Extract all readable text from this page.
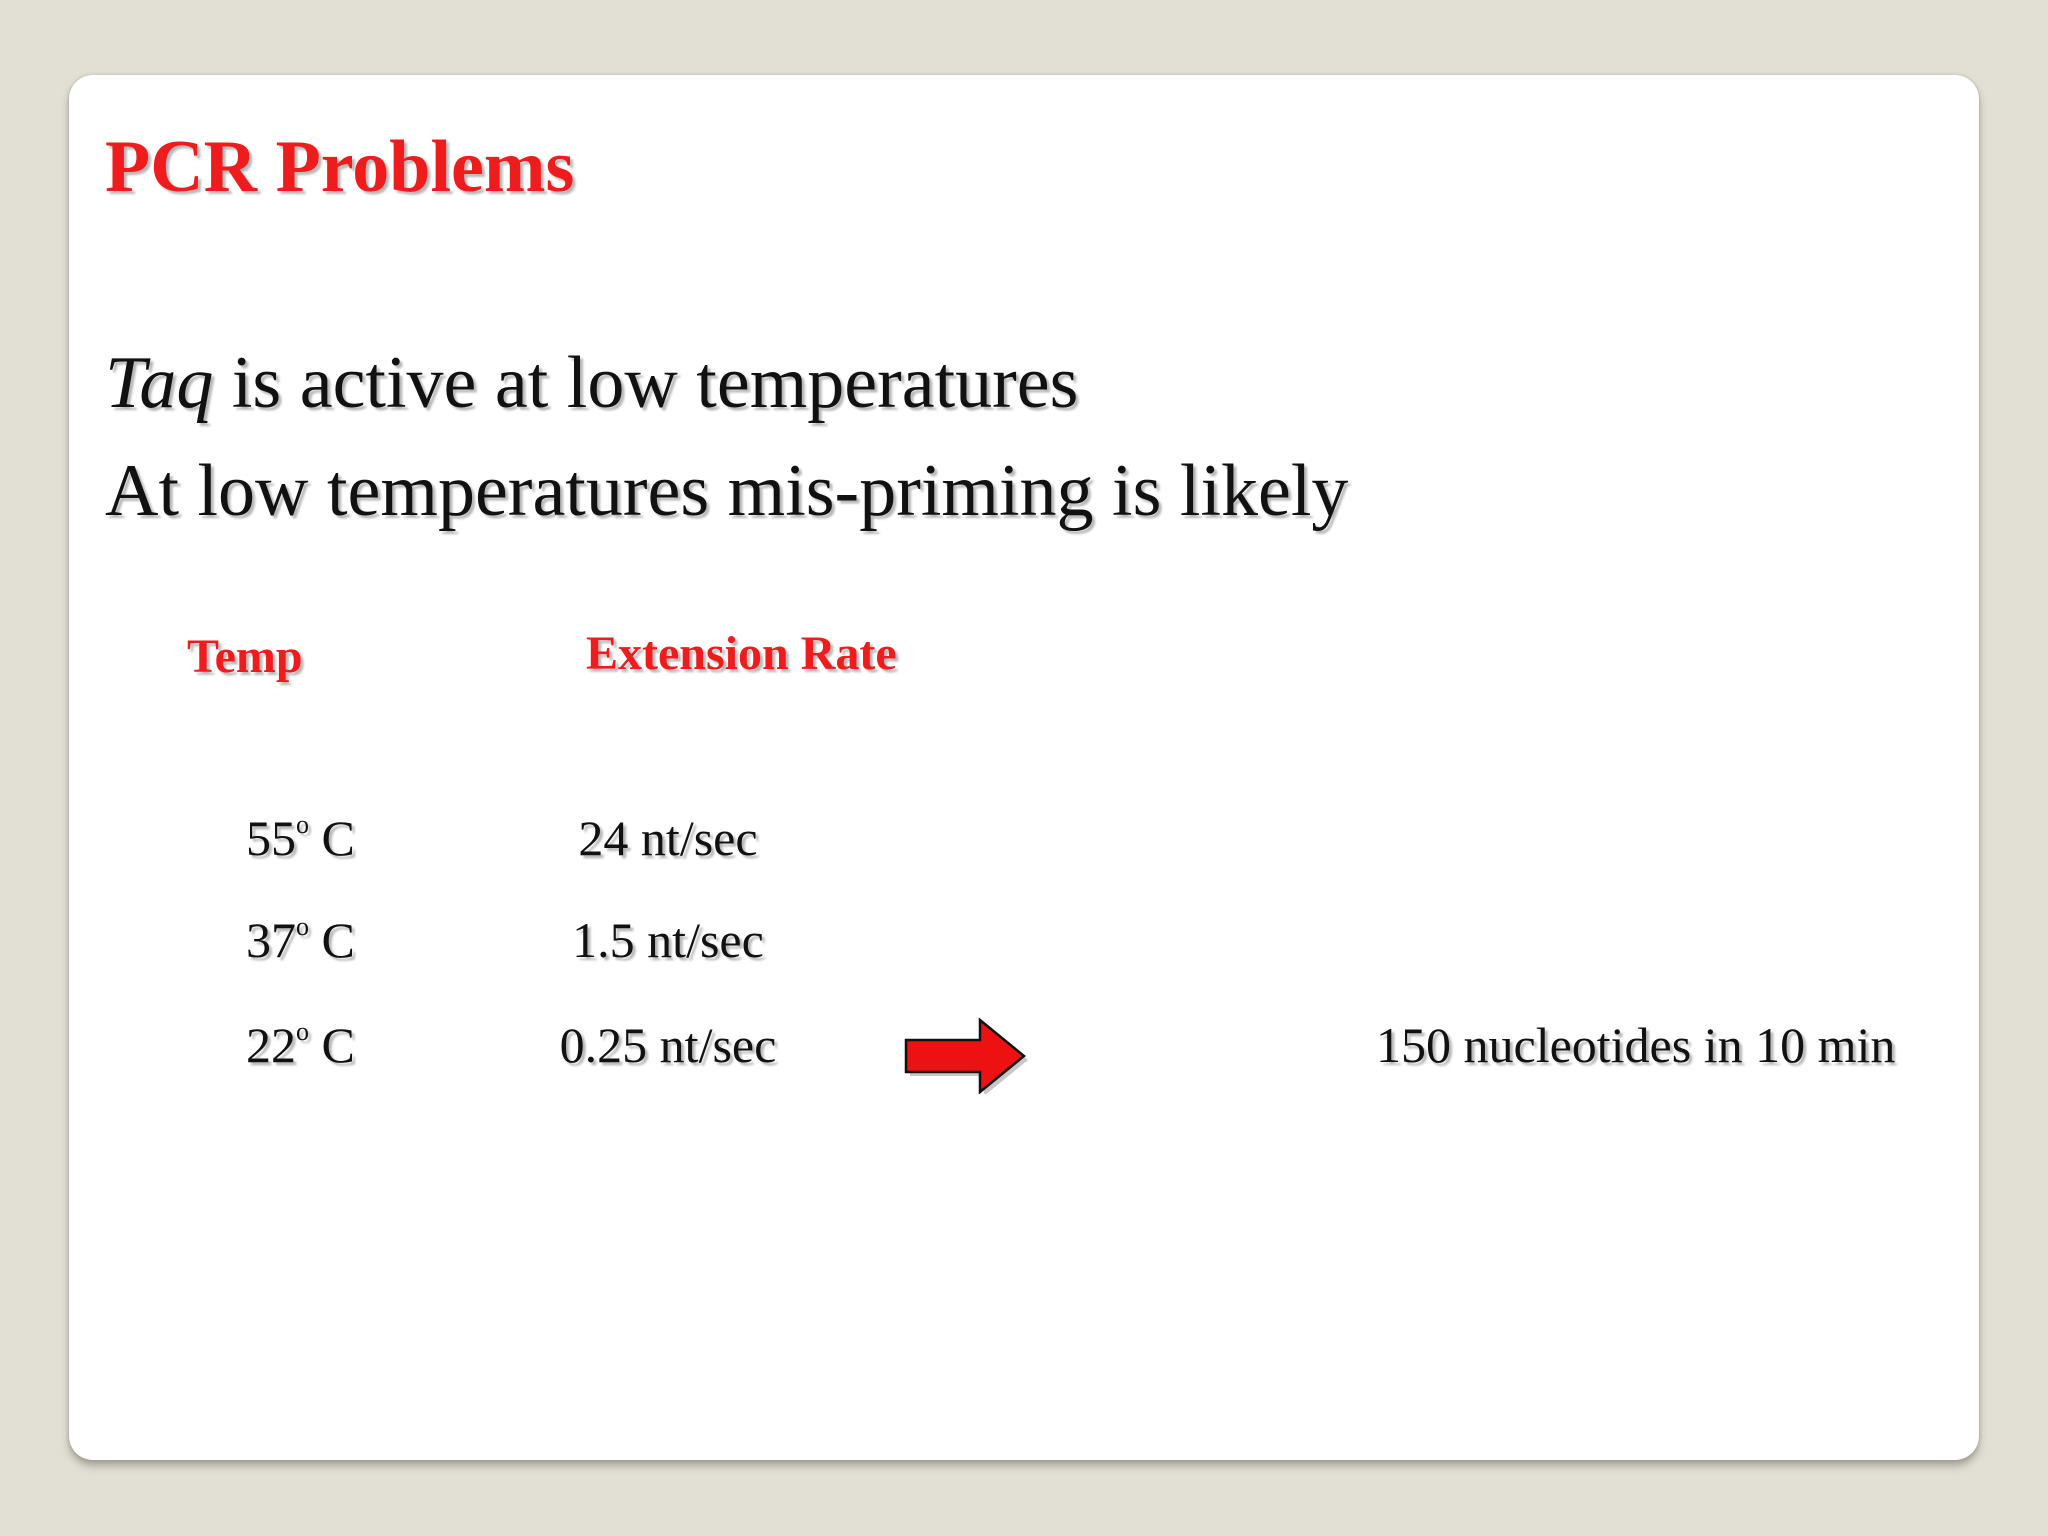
PCR Problems

Taq is active at low temperatures

At low temperatures mis-priming is likely

Temp	Extension Rate
55$^o$ C	24 nt/sec
37$^o$ C	1.5 nt/sec
22$^o$ C	0.25 nt/sec	150 nucleotides in 10 min
